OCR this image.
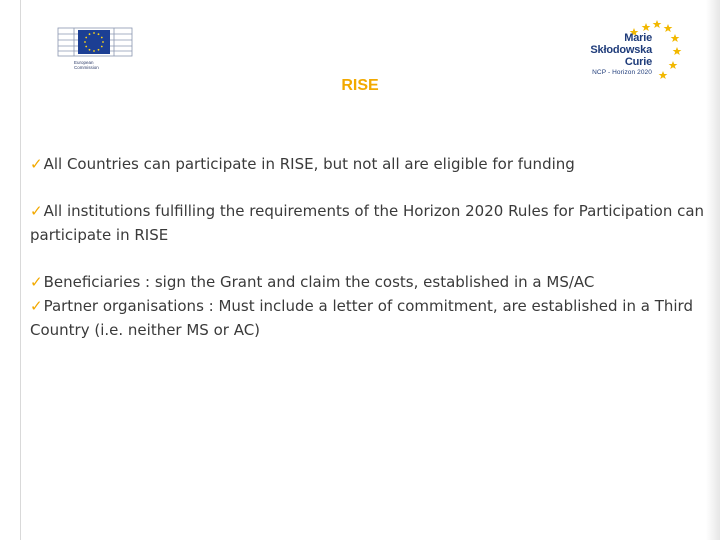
European
Commission
Marie
Skłodowska Curie
NCP - Horizon 2020
RISE

✓All Countries can participate in RISE, but not all are eligible for funding

✓All institutions fulfilling the requirements of the Horizon 2020 Rules for Participation can participate in RISE

✓Beneficiaries : sign the Grant and claim the costs, established in a MS/AC

✓Partner organisations : Must include a letter of commitment, are established in a Third Country (i.e. neither MS or AC)
